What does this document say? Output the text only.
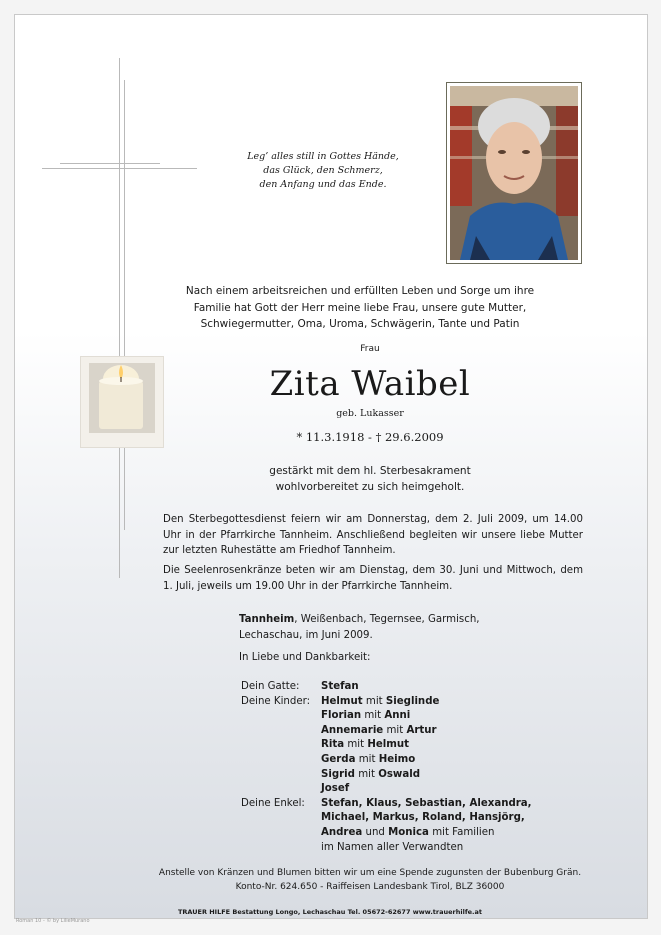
Leg’ alles still in Gottes Hände,
das Glück, den Schmerz,
den Anfang und das Ende.
Nach einem arbeitsreichen und erfüllten Leben und Sorge um ihre
Familie hat Gott der Herr meine liebe Frau, unsere gute Mutter,
Schwiegermutter, Oma, Uroma, Schwägerin, Tante und Patin
Frau
Zita Waibel
geb. Lukasser
* 11.3.1918 - † 29.6.2009
gestärkt mit dem hl. Sterbesakrament
wohlvorbereitet zu sich heimgeholt.
Den Sterbegottesdienst feiern wir am Donnerstag, dem 2. Juli 2009, um 14.00 Uhr in der Pfarrkirche Tannheim. Anschließend begleiten wir unsere liebe Mutter zur letzten Ruhestätte am Friedhof Tannheim.
Die Seelenrosenkränze beten wir am Dienstag, dem 30. Juni und Mittwoch, dem 1. Juli, jeweils um 19.00 Uhr in der Pfarrkirche Tannheim.
Tannheim, Weißenbach, Tegernsee, Garmisch,
Lechaschau, im Juni 2009.
In Liebe und Dankbarkeit:
Dein Gatte:	Stefan
Deine Kinder:	Helmut mit Sieglinde
Florian mit Anni
Annemarie mit Artur
Rita mit Helmut
Gerda mit Heimo
Sigrid mit Oswald
Josef
Deine Enkel:	Stefan, Klaus, Sebastian, Alexandra,
Michael, Markus, Roland, Hansjörg,
Andrea und Monica mit Familien
im Namen aller Verwandten
Anstelle von Kränzen und Blumen bitten wir um eine Spende zugunsten der Bubenburg Grän.
Konto-Nr. 624.650 - Raiffeisen Landesbank Tirol, BLZ 36000
TRAUER HILFE Bestattung Longo, Lechaschau Tel. 05672-62677 www.trauerhilfe.at
Roman 10 - © by LilieMurano
